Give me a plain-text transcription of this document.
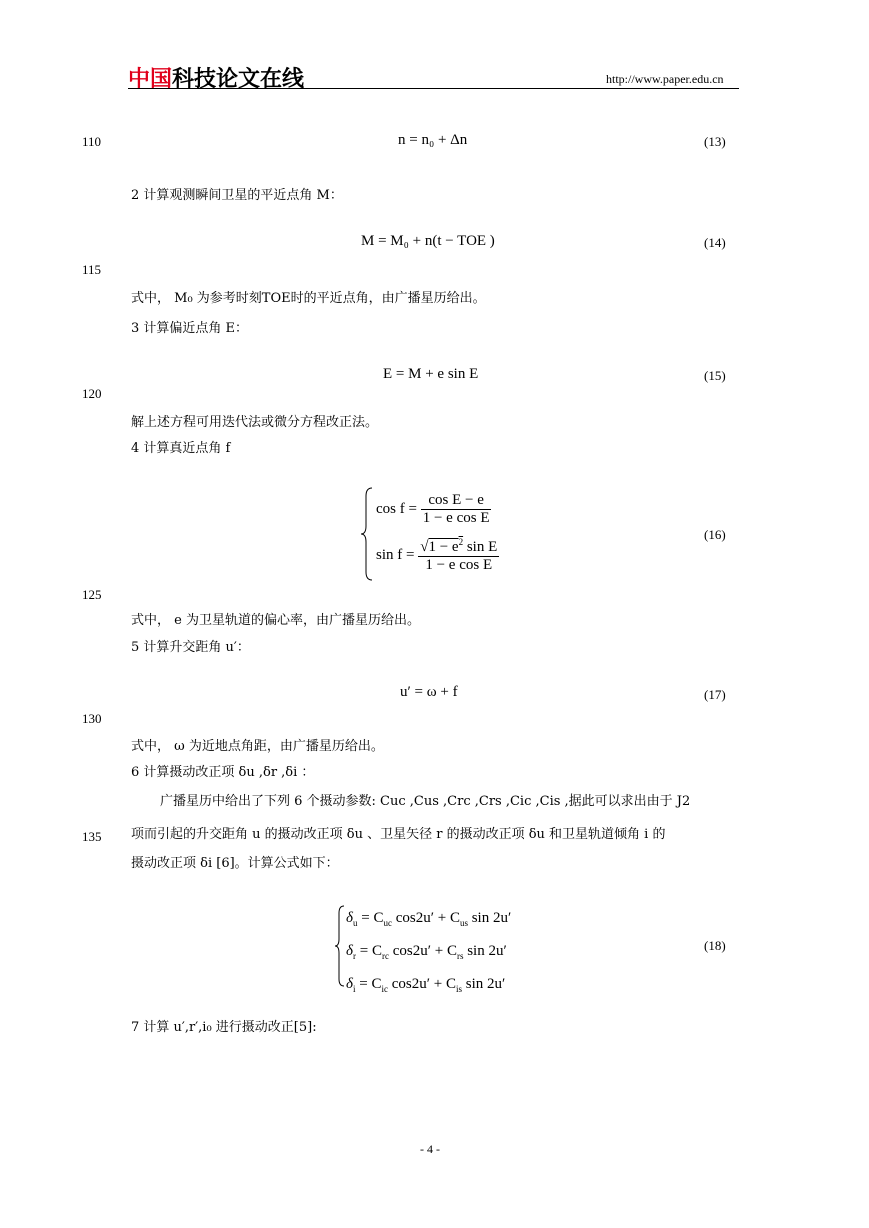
中国科技论文在线	http://www.paper.edu.cn
110
115
120
125
130
135
n = n₀ + Δn	(13)
2 计算观测瞬间卫星的平近点角 M：
M = M₀ + n(t − TOE )	(14)
式中， M₀ 为参考时刻TOE时的平近点角，由广播星历给出。
3 计算偏近点角 E：
E = M + e sin E	(15)
解上述方程可用迭代法或微分方程改正法。
4 计算真近点角 f
$\cos f = \frac{\text{cos E − e}}{\text{1 − e cos E}}$
$\sin f = \frac{√1 - e^2 \sin E}{\text{1 − e cos E}}$
(16)
式中， e 为卫星轨道的偏心率，由广播星历给出。
5 计算升交距角 u′：
u′ = ω + f	(17)
式中， ω 为近地点角距，由广播星历给出。
6 计算摄动改正项 δu ,δr ,δi ：
广播星历中给出了下列 6 个摄动参数: Cuc ,Cus ,Crc ,Crs ,Cic ,Cis ,据此可以求出由于 J2
项而引起的升交距角 u 的摄动改正项 δu 、卫星矢径 r 的摄动改正项 δu 和卫星轨道倾角 i 的
摄动改正项 δi [6]。计算公式如下：
$\delta_u = C_{uc}$ $\cos 2u' + C_{us}$ sin 2u′
$\delta_r = C_{rc}$ $\cos 2u' + C_{rs}$ sin 2u′
$\delta_i = C_{ic}$ $\cos 2u' + C_{is}$ sin 2u′
(18)
7 计算 u′,r′,i₀ 进行摄动改正[5]:
- 4 -
